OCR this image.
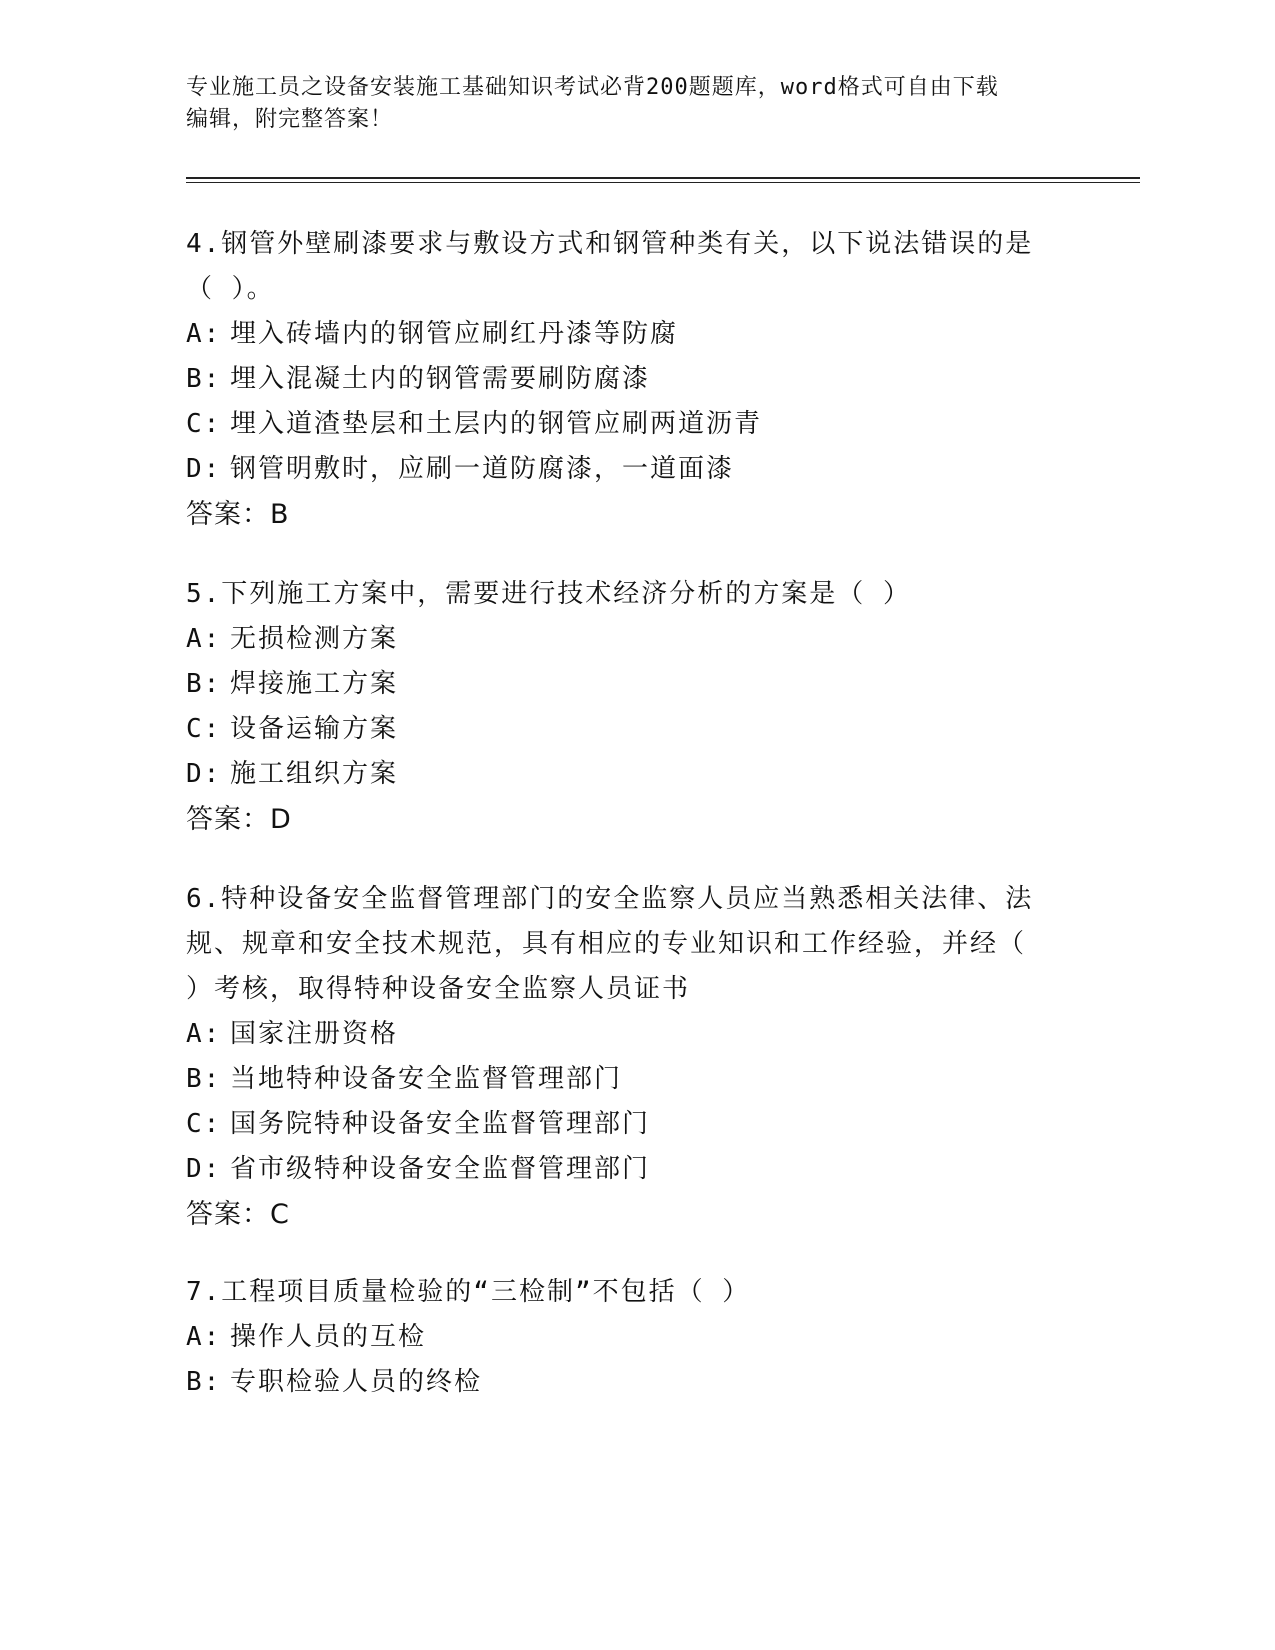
专业施工员之设备安装施工基础知识考试必背200题题库，word格式可自由下载
编辑，附完整答案！

4.钢管外壁刷漆要求与敷设方式和钢管种类有关，以下说法错误的是

（ ）。

A: 埋入砖墙内的钢管应刷红丹漆等防腐

B: 埋入混凝土内的钢管需要刷防腐漆

C: 埋入道渣垫层和土层内的钢管应刷两道沥青

D: 钢管明敷时，应刷一道防腐漆，一道面漆

答案：B

5.下列施工方案中，需要进行技术经济分析的方案是（ ）

A: 无损检测方案

B: 焊接施工方案

C: 设备运输方案

D: 施工组织方案

答案：D

6.特种设备安全监督管理部门的安全监察人员应当熟悉相关法律、法

规、规章和安全技术规范，具有相应的专业知识和工作经验，并经（

）考核，取得特种设备安全监察人员证书

A: 国家注册资格

B: 当地特种设备安全监督管理部门

C: 国务院特种设备安全监督管理部门

D: 省市级特种设备安全监督管理部门

答案：C

7.工程项目质量检验的“三检制”不包括（ ）

A: 操作人员的互检

B: 专职检验人员的终检
